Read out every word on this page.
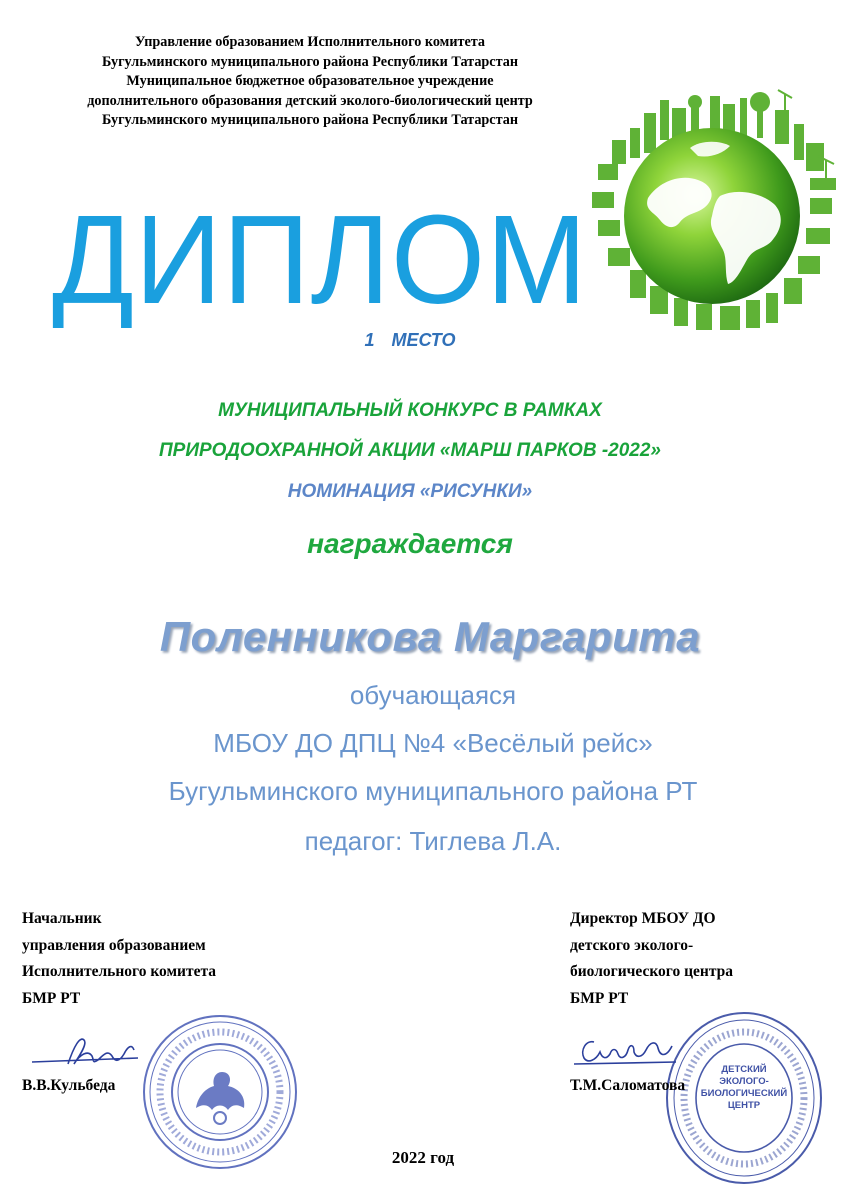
Управление образованием Исполнительного комитета
Бугульминского муниципального района Республики Татарстан
Муниципальное бюджетное образовательное учреждение
дополнительного образования детский эколого-биологический центр
Бугульминского муниципального района Республики Татарстан
ДИПЛОМ
1 МЕСТО
МУНИЦИПАЛЬНЫЙ КОНКУРС В РАМКАХ
ПРИРОДООХРАННОЙ АКЦИИ «МАРШ ПАРКОВ -2022»
НОМИНАЦИЯ «РИСУНКИ»
награждается
Поленникова Маргарита
обучающаяся
МБОУ ДО ДПЦ №4 «Весёлый рейс»
Бугульминского муниципального района РТ
педагог: Тиглева Л.А.
Начальник
управления образованием
Исполнительного комитета
БМР РТ
В.В.Кульбеда
Директор МБОУ ДО
детского эколого-
биологического центра
БМР РТ
ДЕТСКИЙ
ЭКОЛОГО-
БИОЛОГИЧЕСКИЙ
ЦЕНТР
Т.М.Саломатова
2022 год
